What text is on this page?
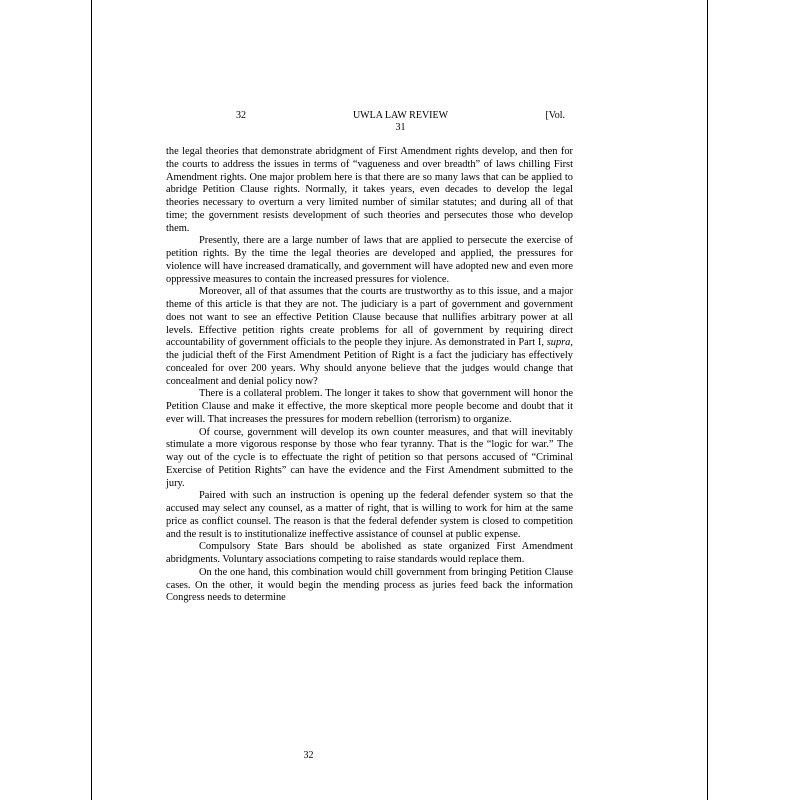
32	UWLA LAW REVIEW	[Vol.
31

the legal theories that demonstrate abridgment of First Amendment rights develop, and then for the courts to address the issues in terms of “vagueness and over breadth” of laws chilling First Amendment rights. One major problem here is that there are so many laws that can be applied to abridge Petition Clause rights. Normally, it takes years, even decades to develop the legal theories necessary to overturn a very limited number of similar statutes; and during all of that time; the government resists development of such theories and persecutes those who develop them.

Presently, there are a large number of laws that are applied to persecute the exercise of petition rights. By the time the legal theories are developed and applied, the pressures for violence will have increased dramatically, and government will have adopted new and even more oppressive measures to contain the increased pressures for violence.

Moreover, all of that assumes that the courts are trustworthy as to this issue, and a major theme of this article is that they are not. The judiciary is a part of government and government does not want to see an effective Petition Clause because that nullifies arbitrary power at all levels. Effective petition rights create problems for all of government by requiring direct accountability of government officials to the people they injure. As demonstrated in Part I, supra, the judicial theft of the First Amendment Petition of Right is a fact the judiciary has effectively concealed for over 200 years. Why should anyone believe that the judges would change that concealment and denial policy now?

There is a collateral problem. The longer it takes to show that government will honor the Petition Clause and make it effective, the more skeptical more people become and doubt that it ever will. That increases the pressures for modern rebellion (terrorism) to organize.

Of course, government will develop its own counter measures, and that will inevitably stimulate a more vigorous response by those who fear tyranny. That is the “logic for war.” The way out of the cycle is to effectuate the right of petition so that persons accused of “Criminal Exercise of Petition Rights” can have the evidence and the First Amendment submitted to the jury.

Paired with such an instruction is opening up the federal defender system so that the accused may select any counsel, as a matter of right, that is willing to work for him at the same price as conflict counsel. The reason is that the federal defender system is closed to competition and the result is to institutionalize ineffective assistance of counsel at public expense.

Compulsory State Bars should be abolished as state organized First Amendment abridgments. Voluntary associations competing to raise standards would replace them.

On the one hand, this combination would chill government from bringing Petition Clause cases. On the other, it would begin the mending process as juries feed back the information Congress needs to determine

32
